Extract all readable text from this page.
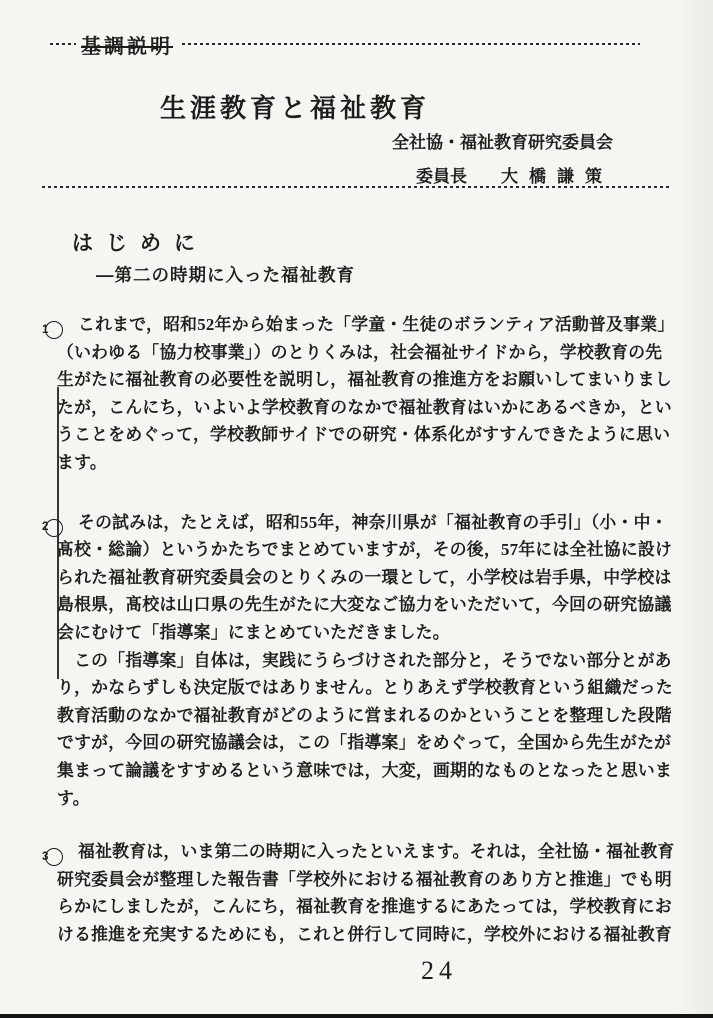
基調説明
生涯教育と福祉教育
全社協・福祉教育研究委員会
委員長 大橋謙策
はじめに
―第二の時期に入った福祉教育
1 これまで，昭和52年から始まった「学童・生徒のボランティア活動普及事業」
（いわゆる「協力校事業」）のとりくみは，社会福祉サイドから，学校教育の先
生がたに福祉教育の必要性を説明し，福祉教育の推進方をお願いしてまいりまし
たが，こんにち，いよいよ学校教育のなかで福祉教育はいかにあるべきか，とい
うことをめぐって，学校教師サイドでの研究・体系化がすすんできたように思い
ます。
2 その試みは，たとえば，昭和55年，神奈川県が「福祉教育の手引」（小・中・
髙校・総論）というかたちでまとめていますが，その後，57年には全社協に設け
られた福祉教育研究委員会のとりくみの一環として，小学校は岩手県，中学校は
島根県，髙校は山口県の先生がたに大変なご協力をいただいて，今回の研究協議
会にむけて「指導案」にまとめていただきました。
　この「指導案」自体は，実践にうらづけされた部分と，そうでない部分とがあ
り，かならずしも決定版ではありません。とりあえず学校教育という組織だった
教育活動のなかで福祉教育がどのように営まれるのかということを整理した段階
ですが，今回の研究協議会は，この「指導案」をめぐって，全国から先生がたが
集まって論議をすすめるという意味では，大変，画期的なものとなったと思いま
す。
3 福祉教育は，いま第二の時期に入ったといえます。それは，全社協・福祉教育
研究委員会が整理した報告書「学校外における福祉教育のあり方と推進」でも明
らかにしましたが，こんにち，福祉教育を推進するにあたっては，学校教育にお
ける推進を充実するためにも，これと併行して同時に，学校外における福祉教育
24
